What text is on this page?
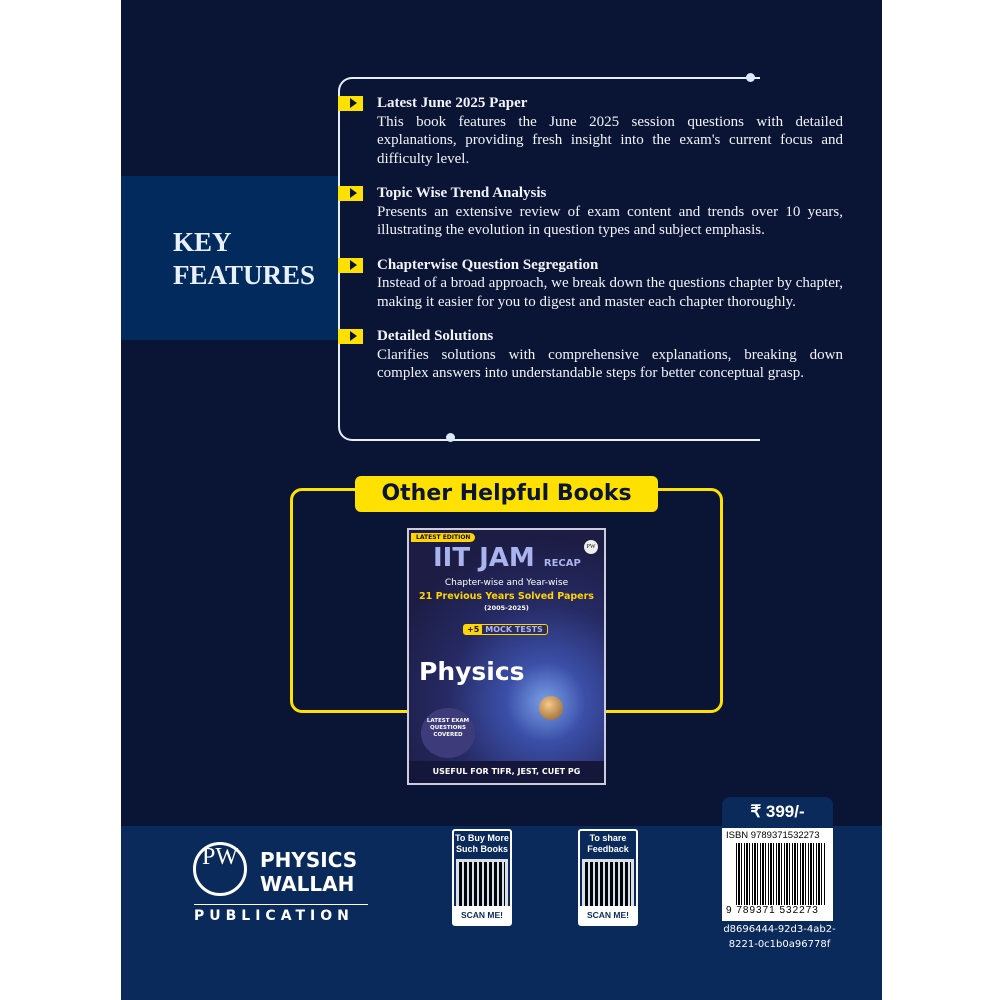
KEY
FEATURES
Latest June 2025 Paper

This book features the June 2025 session questions with detailed explanations, providing fresh insight into the exam's current focus and difficulty level.

Topic Wise Trend Analysis

Presents an extensive review of exam content and trends over 10 years, illustrating the evolution in question types and subject emphasis.

Chapterwise Question Segregation

Instead of a broad approach, we break down the questions chapter by chapter, making it easier for you to digest and master each chapter thoroughly.

Detailed Solutions

Clarifies solutions with comprehensive explanations, breaking down complex answers into understandable steps for better conceptual grasp.

Other Helpful Books
LATEST EDITION
PW
IIT JAM RECAP
Chapter-wise and Year-wise
21 Previous Years Solved Papers
(2005-2025)
+5 MOCK TESTS
Physics
LATEST EXAM QUESTIONS COVERED
USEFUL FOR TIFR, JEST, CUET PG
PW	PHYSICS
WALLAH
PUBLICATION
To Buy More Such Books
SCAN ME!
To share Feedback
SCAN ME!
₹ 399/-
ISBN 9789371532273
9 789371 532273
d8696444-92d3-4ab2-8221-0c1b0a96778f
